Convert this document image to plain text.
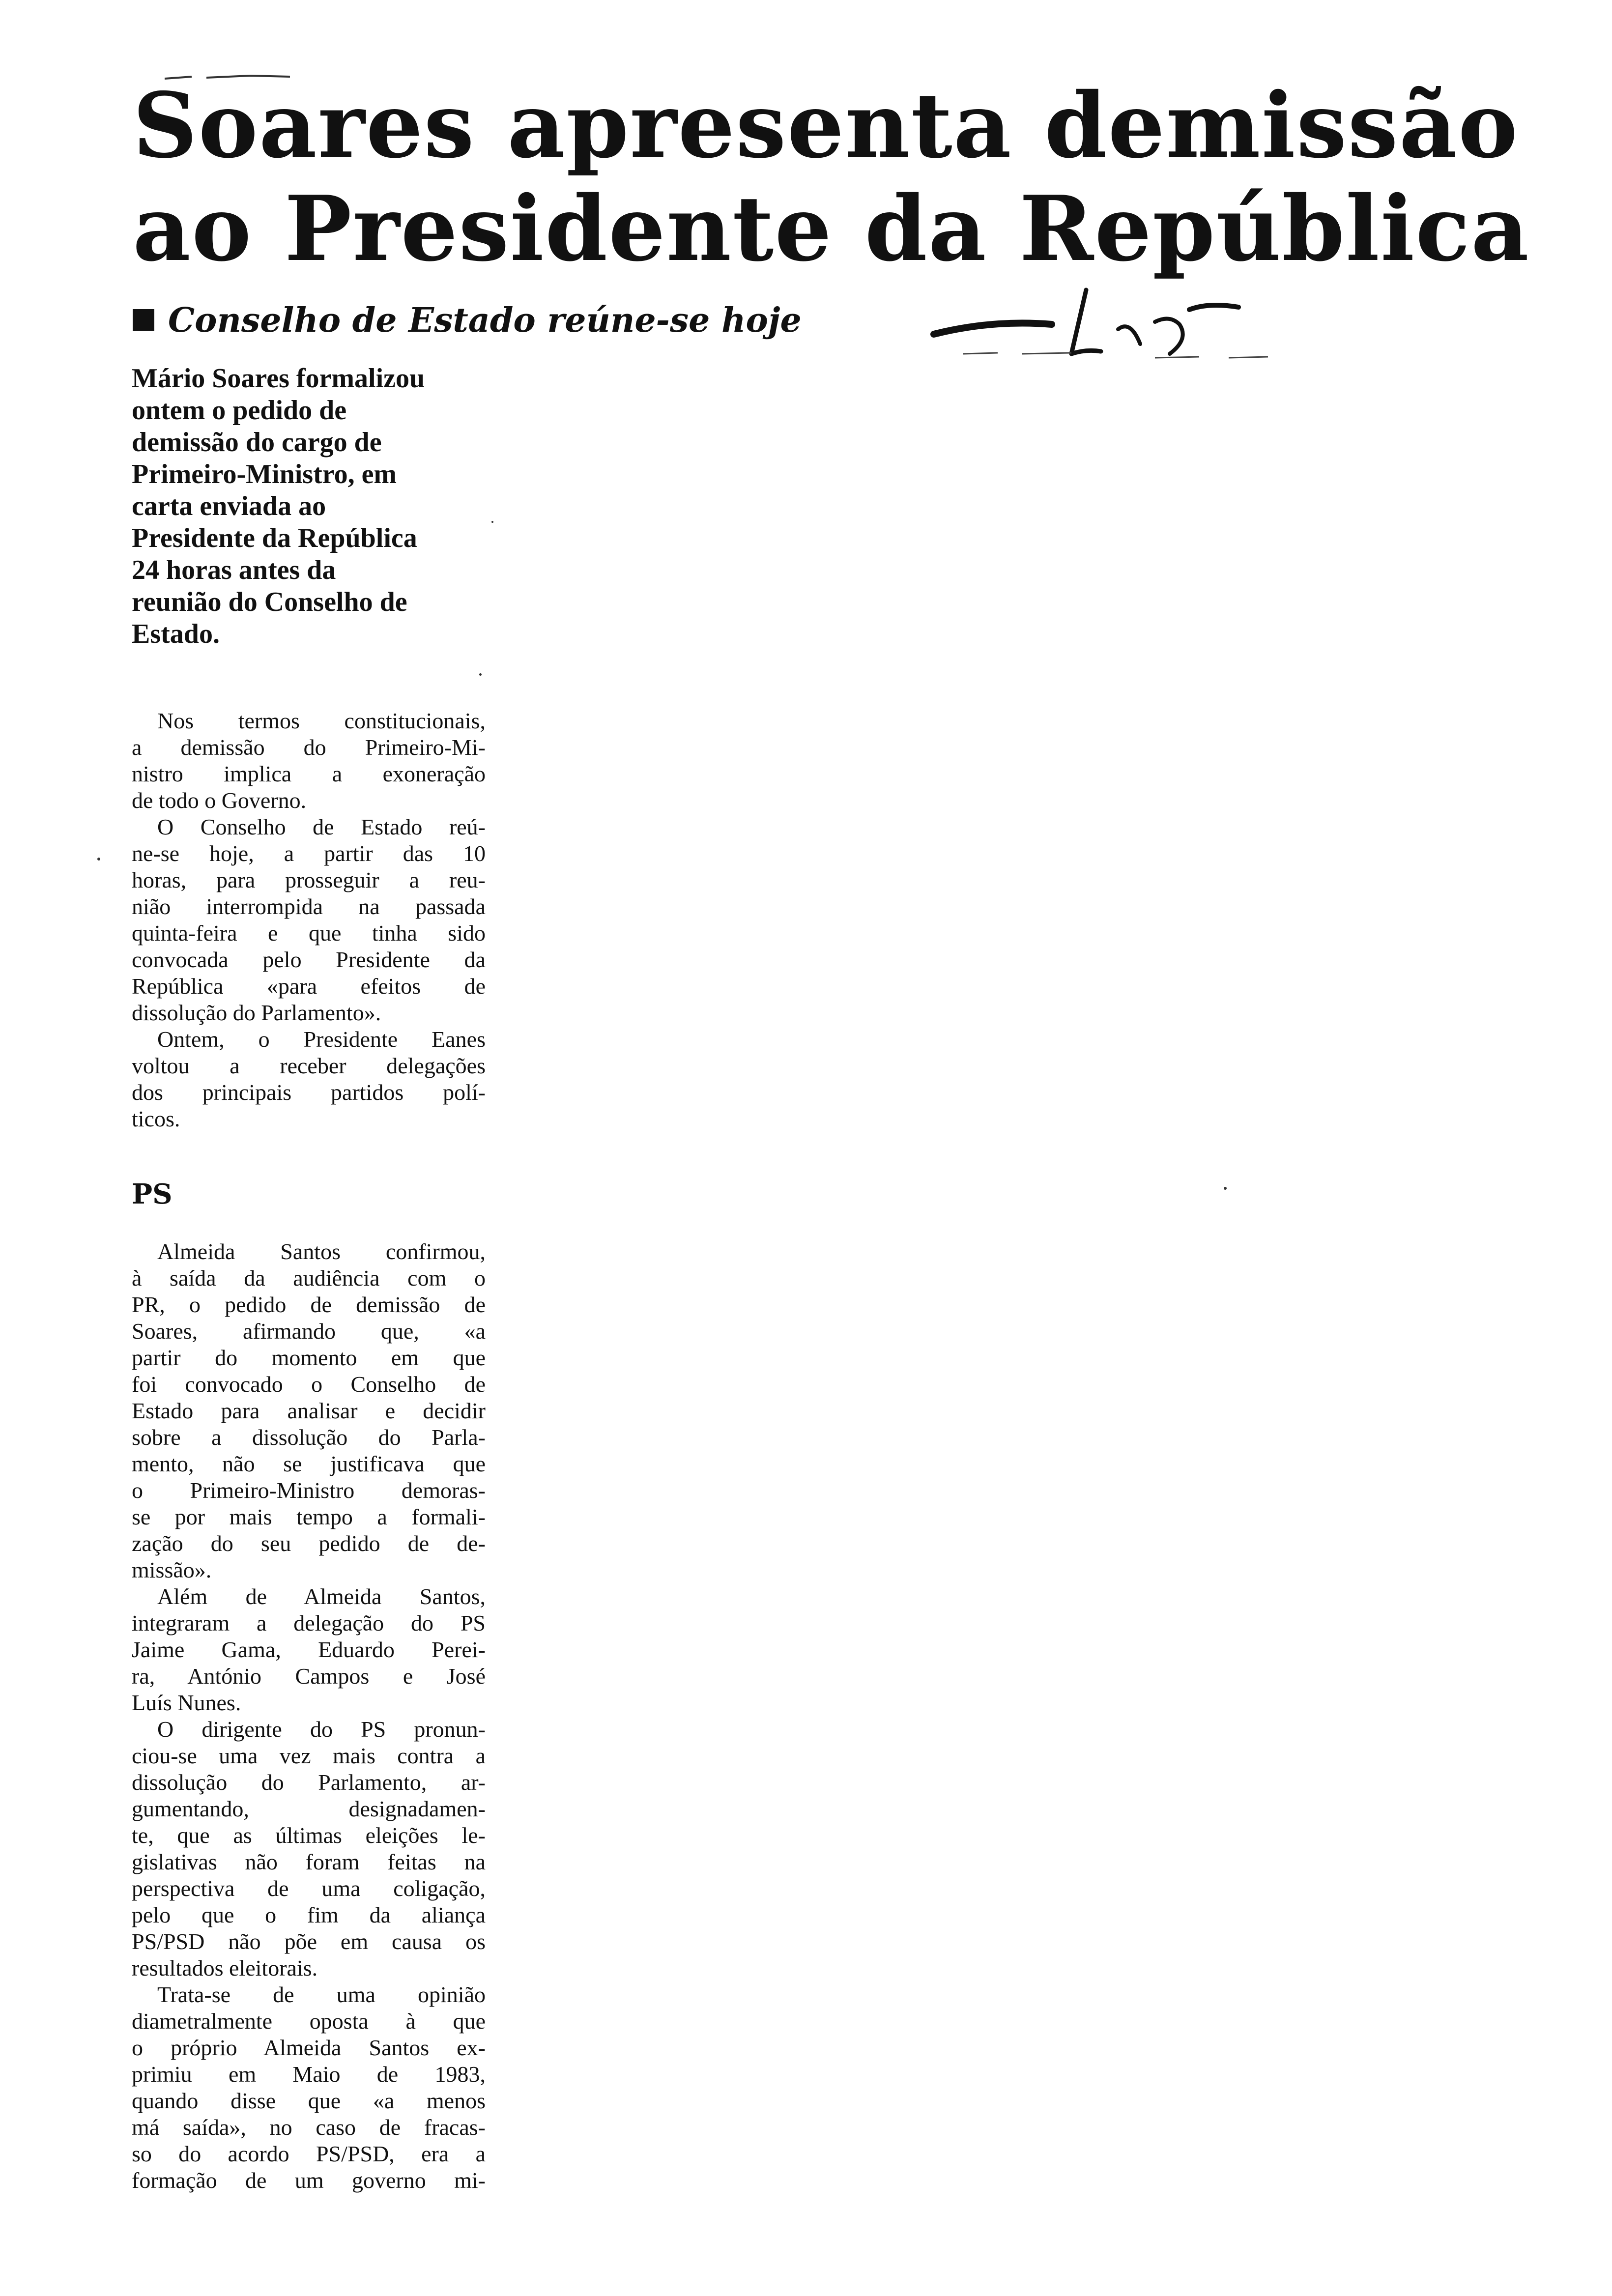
Soares apresenta demissão
ao Presidente da República
Conselho de Estado reúne-se hoje

Mário Soares formalizou
ontem o pedido de
demissão do cargo de
Primeiro-Ministro, em
carta enviada ao
Presidente da República
24 horas antes da
reunião do Conselho de
Estado.

Nos termos constitucionais,
a demissão do Primeiro-Mi-
nistro implica a exoneração
de todo o Governo.
O Conselho de Estado reú-
ne-se hoje, a partir das 10
horas, para prosseguir a reu-
nião interrompida na passada
quinta-feira e que tinha sido
convocada pelo Presidente da
República «para efeitos de
dissolução do Parlamento».
Ontem, o Presidente Eanes
voltou a receber delegações
dos principais partidos polí-
ticos.

PS

Almeida Santos confirmou,
à saída da audiência com o
PR, o pedido de demissão de
Soares, afirmando que, «a
partir do momento em que
foi convocado o Conselho de
Estado para analisar e decidir
sobre a dissolução do Parla-
mento, não se justificava que
o Primeiro-Ministro demoras-
se por mais tempo a formali-
zação do seu pedido de de-
missão».
Além de Almeida Santos,
integraram a delegação do PS
Jaime Gama, Eduardo Perei-
ra, António Campos e José
Luís Nunes.
O dirigente do PS pronun-
ciou-se uma vez mais contra a
dissolução do Parlamento, ar-
gumentando, designadamen-
te, que as últimas eleições le-
gislativas não foram feitas na
perspectiva de uma coligação,
pelo que o fim da aliança
PS/PSD não põe em causa os
resultados eleitorais.
Trata-se de uma opinião
diametralmente oposta à que
o próprio Almeida Santos ex-
primiu em Maio de 1983,
quando disse que «a menos
má saída», no caso de fracas-
so do acordo PS/PSD, era a
formação de um governo mi-
